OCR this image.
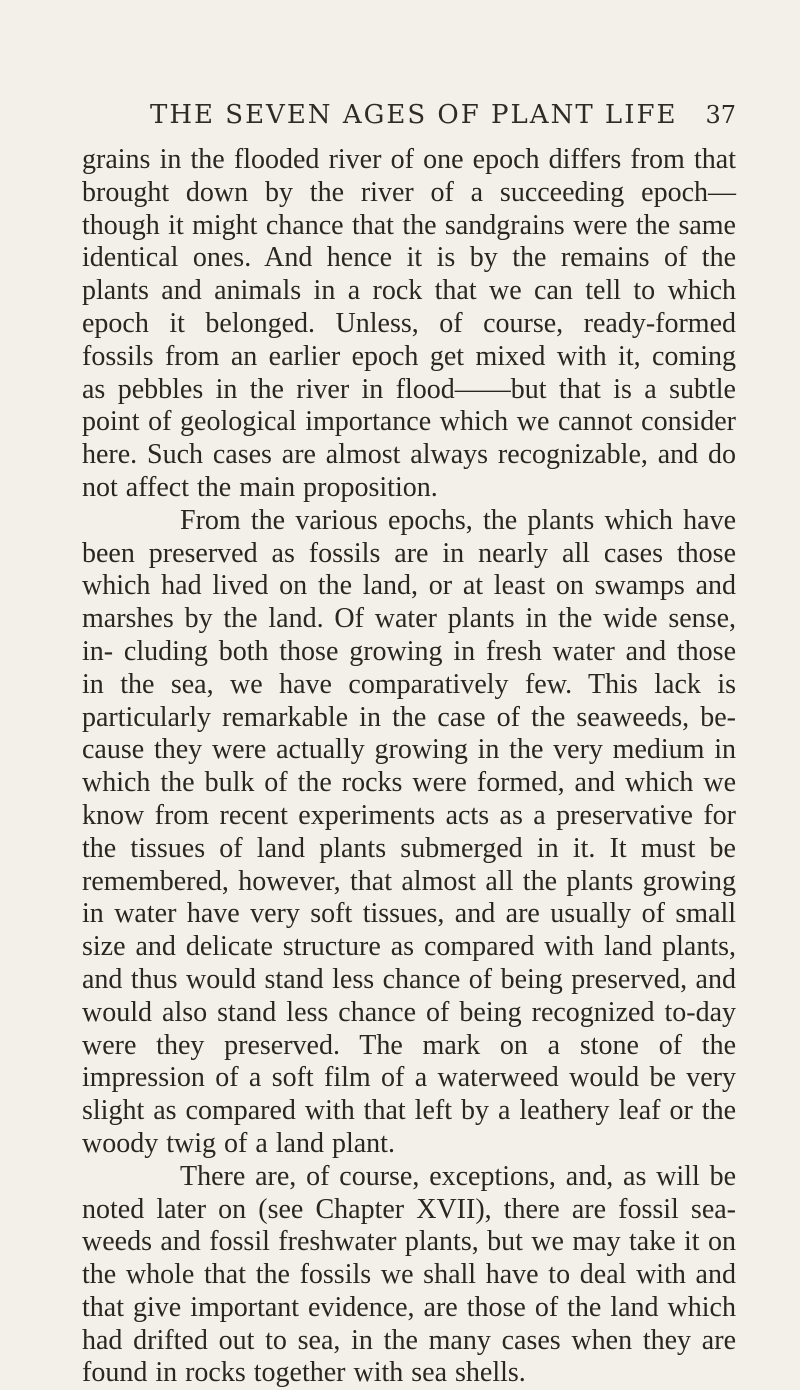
THE SEVEN AGES OF PLANT LIFE 37

grains in the flooded river of one epoch differs from that brought down by the river of a succeeding epoch—though it might chance that the sandgrains were the same identical ones. And hence it is by the remains of the plants and animals in a rock that we can tell to which epoch it belonged. Unless, of course, ready-formed fossils from an earlier epoch get mixed with it, coming as pebbles in the river in flood——but that is a subtle point of geological importance which we cannot consider here. Such cases are almost always recognizable, and do not affect the main proposition.

From the various epochs, the plants which have been preserved as fossils are in nearly all cases those which had lived on the land, or at least on swamps and marshes by the land. Of water plants in the wide sense, in- cluding both those growing in fresh water and those in the sea, we have comparatively few. This lack is particularly remarkable in the case of the seaweeds, be- cause they were actually growing in the very medium in which the bulk of the rocks were formed, and which we know from recent experiments acts as a preservative for the tissues of land plants submerged in it. It must be remembered, however, that almost all the plants growing in water have very soft tissues, and are usually of small size and delicate structure as compared with land plants, and thus would stand less chance of being preserved, and would also stand less chance of being recognized to-day were they preserved. The mark on a stone of the impression of a soft film of a waterweed would be very slight as compared with that left by a leathery leaf or the woody twig of a land plant.

There are, of course, exceptions, and, as will be noted later on (see Chapter XVII), there are fossil sea- weeds and fossil freshwater plants, but we may take it on the whole that the fossils we shall have to deal with and that give important evidence, are those of the land which had drifted out to sea, in the many cases when they are found in rocks together with sea shells.
